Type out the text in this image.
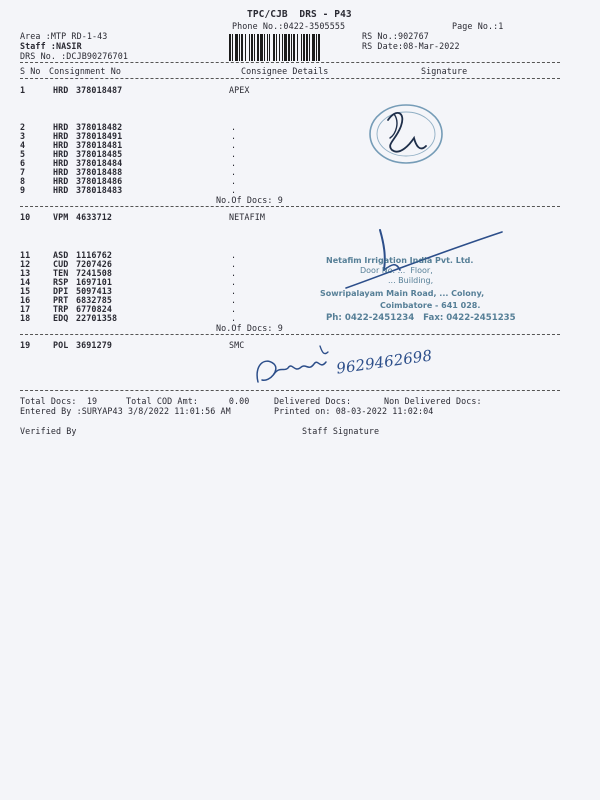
TPC/CJB  DRS - P43
Phone No.:0422-3505555	Page No.:1
Area :MTP RD-1-43
Staff :NASIR
DRS No. :DCJB90276701
RS No.:902767
RS Date:08-Mar-2022
S No Consignment No	Consignee Details	Signature
1	HRD 378018487	APEX
2	HRD 378018482	.
3	HRD 378018491	.
4	HRD 378018481	.
5	HRD 378018485	.
6	HRD 378018484	.
7	HRD 378018488	.
8	HRD 378018486	.
9	HRD 378018483	.
No.Of Docs: 9
10	VPM 4633712	NETAFIM
11	ASD 1116762	.
12	CUD 7207426	.
13	TEN 7241508	.
14	RSP 1697101	.
15	DPI 5097413	.
16	PRT 6832785	.
17	TRP 6770824	.
18	EDQ 22701358	.
No.Of Docs: 9
19	POL 3691279	SMC
Total Docs:  19	Total COD Amt:      0.00	Delivered Docs:	Non Delivered Docs:
Entered By :SURYAP43 3/8/2022 11:01:56 AM	Printed on: 08-03-2022 11:02:04
Verified By	Staff Signature
Netafim Irrigation India Pvt. Ltd.
Door No. ...  Floor,
... Building,
Sowripalayam Main Road, ... Colony,
Coimbatore - 641 028.
Ph: 0422-2451234   Fax: 0422-2451235
9629462698
